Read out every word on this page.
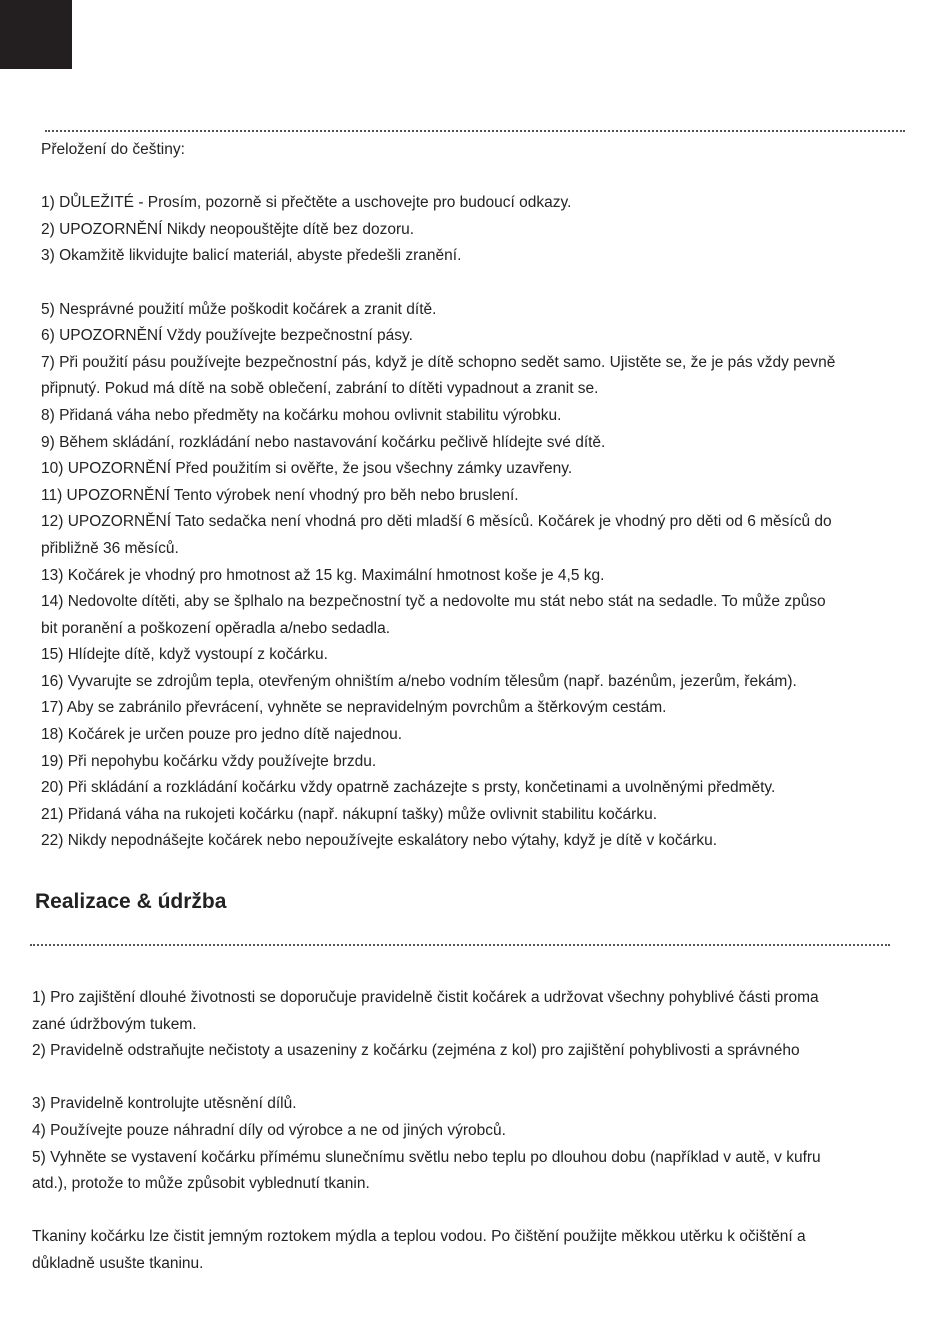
Přeložení do češtiny:

1) DŮLEŽITÉ - Prosím, pozorně si přečtěte a uschovejte pro budoucí odkazy.

2) UPOZORNĚNÍ Nikdy neopouštějte dítě bez dozoru.

3) Okamžitě likvidujte balicí materiál, abyste předešli zranění.

5) Nesprávné použití může poškodit kočárek a zranit dítě.

6) UPOZORNĚNÍ Vždy používejte bezpečnostní pásy.

7) Při použití pásu používejte bezpečnostní pás, když je dítě schopno sedět samo. Ujistěte se, že je pás vždy pevně

připnutý. Pokud má dítě na sobě oblečení, zabrání to dítěti vypadnout a zranit se.

8) Přidaná váha nebo předměty na kočárku mohou ovlivnit stabilitu výrobku.

9) Během skládání, rozkládání nebo nastavování kočárku pečlivě hlídejte své dítě.

10) UPOZORNĚNÍ Před použitím si ověřte, že jsou všechny zámky uzavřeny.

11) UPOZORNĚNÍ Tento výrobek není vhodný pro běh nebo bruslení.

12) UPOZORNĚNÍ Tato sedačka není vhodná pro děti mladší 6 měsíců. Kočárek je vhodný pro děti od 6 měsíců do

přibližně 36 měsíců.

13) Kočárek je vhodný pro hmotnost až 15 kg. Maximální hmotnost koše je 4,5 kg.

14) Nedovolte dítěti, aby se šplhalo na bezpečnostní tyč a nedovolte mu stát nebo stát na sedadle. To může způso

bit poranění a poškození opěradla a/nebo sedadla.

15) Hlídejte dítě, když vystoupí z kočárku.

16) Vyvarujte se zdrojům tepla, otevřeným ohništím a/nebo vodním tělesům (např. bazénům, jezerům, řekám).

17) Aby se zabránilo převrácení, vyhněte se nepravidelným povrchům a štěrkovým cestám.

18) Kočárek je určen pouze pro jedno dítě najednou.

19) Při nepohybu kočárku vždy používejte brzdu.

20) Při skládání a rozkládání kočárku vždy opatrně zacházejte s prsty, končetinami a uvolněnými předměty.

21) Přidaná váha na rukojeti kočárku (např. nákupní tašky) může ovlivnit stabilitu kočárku.

22) Nikdy nepodnášejte kočárek nebo nepoužívejte eskalátory nebo výtahy, když je dítě v kočárku.

Realizace & údržba

1) Pro zajištění dlouhé životnosti se doporučuje pravidelně čistit kočárek a udržovat všechny pohyblivé části proma

zané údržbovým tukem.

2) Pravidelně odstraňujte nečistoty a usazeniny z kočárku (zejména z kol) pro zajištění pohyblivosti a správného

3) Pravidelně kontrolujte utěsnění dílů.

4) Používejte pouze náhradní díly od výrobce a ne od jiných výrobců.

5) Vyhněte se vystavení kočárku přímému slunečnímu světlu nebo teplu po dlouhou dobu (například v autě, v kufru

atd.), protože to může způsobit vyblednutí tkanin.

Tkaniny kočárku lze čistit jemným roztokem mýdla a teplou vodou. Po čištění použijte měkkou utěrku k očištění a

důkladně usušte tkaninu.
